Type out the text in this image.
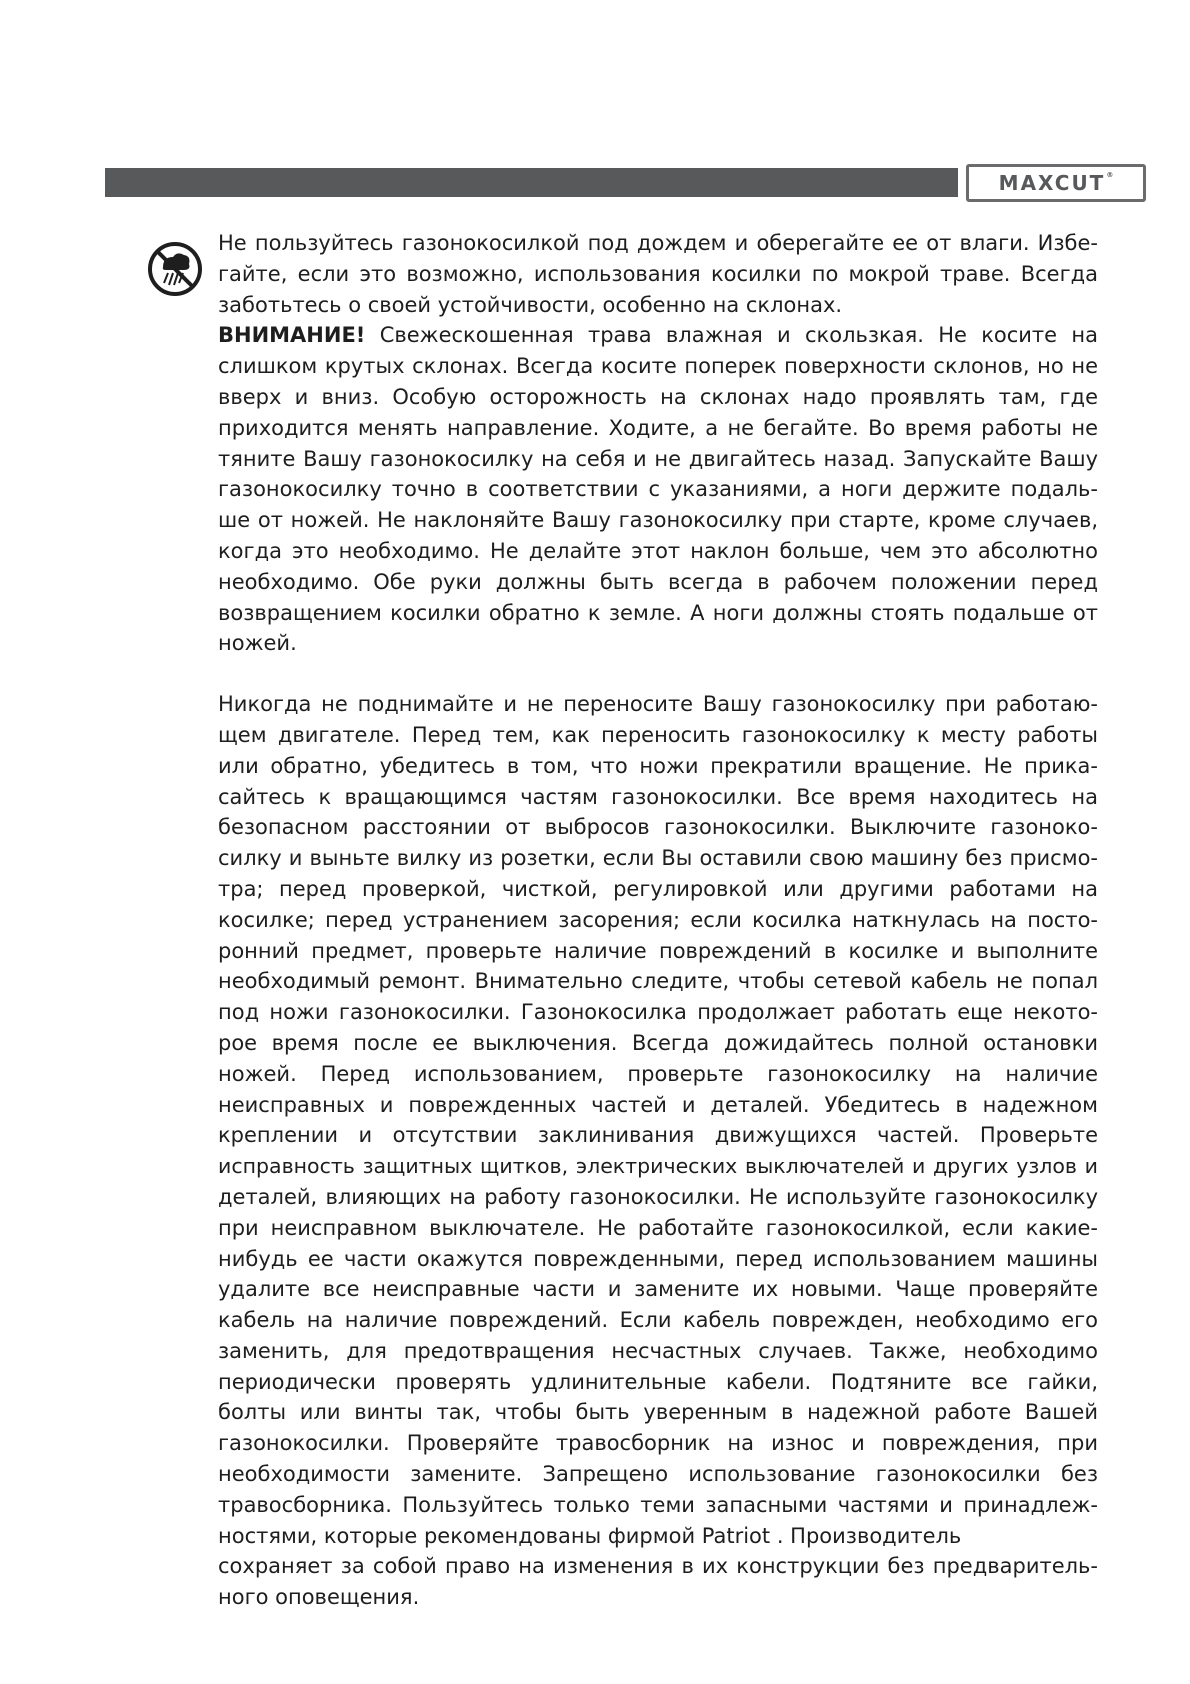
MAXCUT®
Не пользуйтесь газонокосилкой под дождем и оберегайте ее от влаги. Избе-
гайте, если это возможно, использования косилки по мокрой траве. Всегда
заботьтесь о своей устойчивости, особенно на склонах.
ВНИМАНИЕ! Свежескошенная трава влажная и скользкая. Не косите на
слишком крутых склонах. Всегда косите поперек поверхности склонов, но не
вверх и вниз. Особую осторожность на склонах надо проявлять там, где
приходится менять направление. Ходите, а не бегайте. Во время работы не
тяните Вашу газонокосилку на себя и не двигайтесь назад. Запускайте Вашу
газонокосилку точно в соответствии с указаниями, а ноги держите подаль-
ше от ножей. Не наклоняйте Вашу газонокосилку при старте, кроме случаев,
когда это необходимо. Не делайте этот наклон больше, чем это абсолютно
необходимо. Обе руки должны быть всегда в рабочем положении перед
возвращением косилки обратно к земле. А ноги должны стоять подальше от
ножей.
Никогда не поднимайте и не переносите Вашу газонокосилку при работаю-
щем двигателе. Перед тем, как переносить газонокосилку к месту работы
или обратно, убедитесь в том, что ножи прекратили вращение. Не прика-
сайтесь к вращающимся частям газонокосилки. Все время находитесь на
безопасном расстоянии от выбросов газонокосилки. Выключите газоноко-
силку и выньте вилку из розетки, если Вы оставили свою машину без присмо-
тра; перед проверкой, чисткой, регулировкой или другими работами на
косилке; перед устранением засорения; если косилка наткнулась на посто-
ронний предмет, проверьте наличие повреждений в косилке и выполните
необходимый ремонт. Внимательно следите, чтобы сетевой кабель не попал
под ножи газонокосилки. Газонокосилка продолжает работать еще некото-
рое время после ее выключения. Всегда дожидайтесь полной остановки
ножей. Перед использованием, проверьте газонокосилку на наличие
неисправных и поврежденных частей и деталей. Убедитесь в надежном
креплении и отсутствии заклинивания движущихся частей. Проверьте
исправность защитных щитков, электрических выключателей и других узлов и
деталей, влияющих на работу газонокосилки. Не используйте газонокосилку
при неисправном выключателе. Не работайте газонокосилкой, если какие-
нибудь ее части окажутся поврежденными, перед использованием машины
удалите все неисправные части и замените их новыми. Чаще проверяйте
кабель на наличие повреждений. Если кабель поврежден, необходимо его
заменить, для предотвращения несчастных случаев. Также, необходимо
периодически проверять удлинительные кабели. Подтяните все гайки,
болты или винты так, чтобы быть уверенным в надежной работе Вашей
газонокосилки. Проверяйте травосборник на износ и повреждения, при
необходимости замените. Запрещено использование газонокосилки без
травосборника. Пользуйтесь только теми запасными частями и принадлеж-
ностями, которые рекомендованы фирмой Patriot . Производитель
сохраняет за собой право на изменения в их конструкции без предваритель-
ного оповещения.
